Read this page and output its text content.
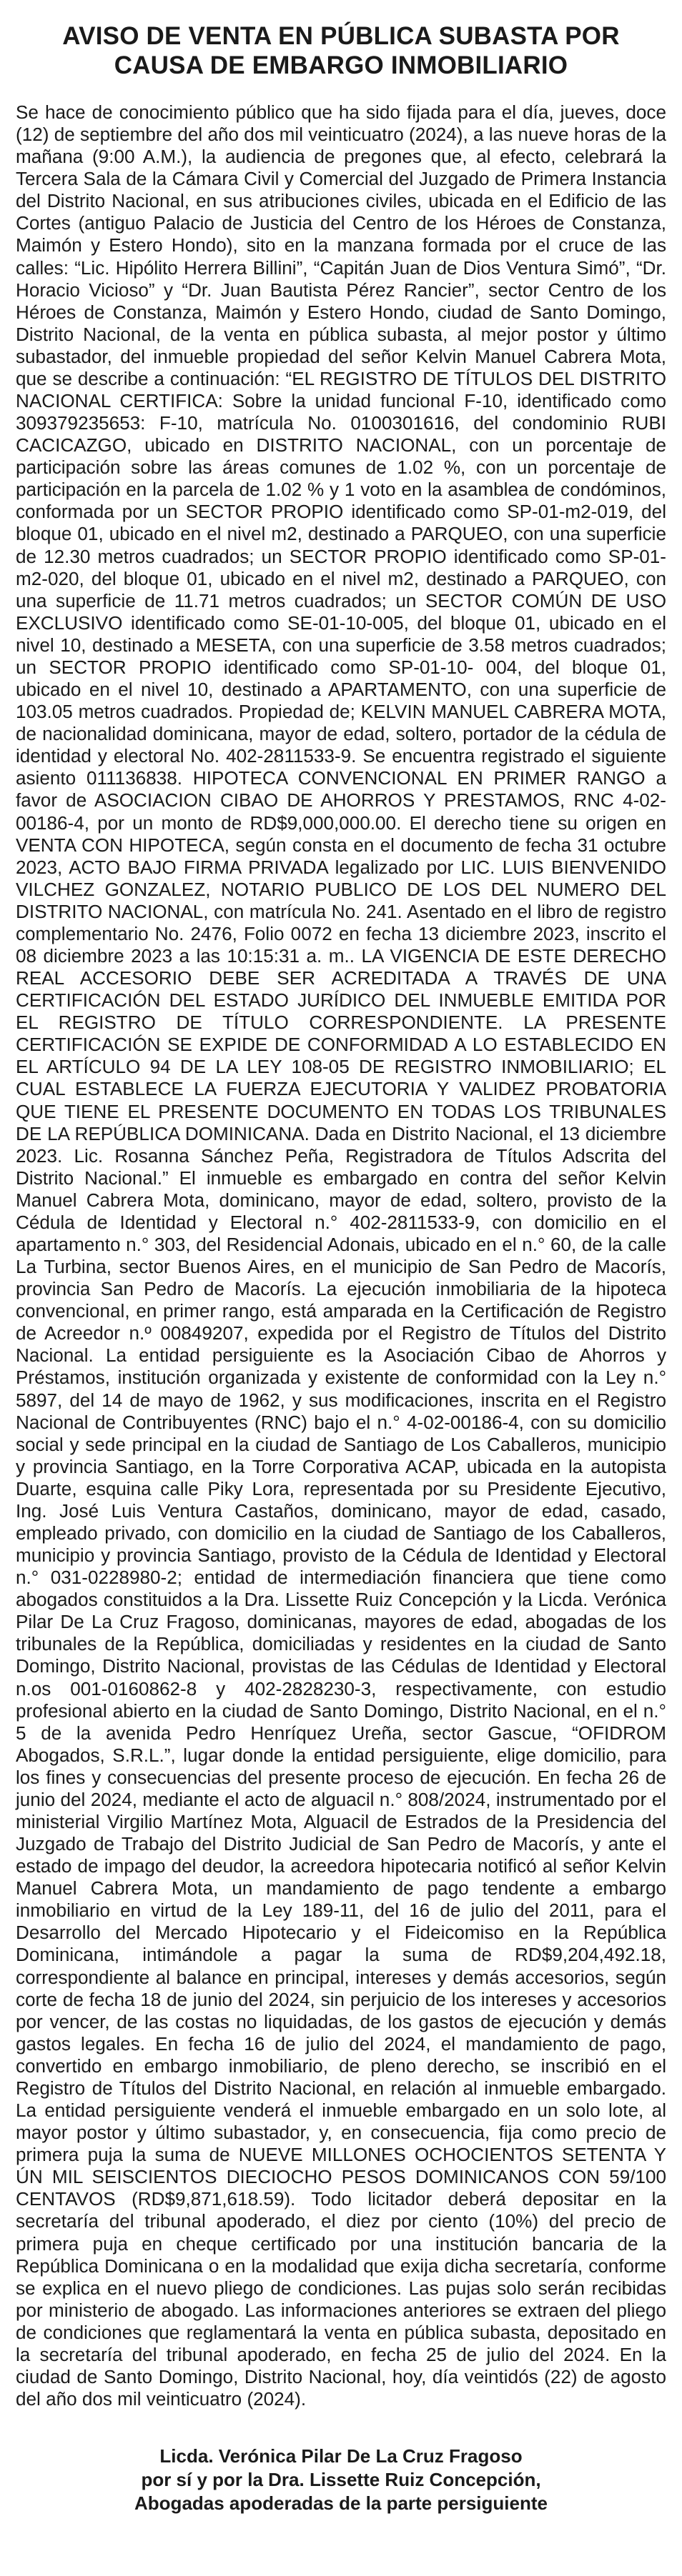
AVISO DE VENTA EN PÚBLICA SUBASTA POR
CAUSA DE EMBARGO INMOBILIARIO

Se hace de conocimiento público que ha sido fijada para el día, jueves, doce (12) de septiembre del año dos mil veinticuatro (2024), a las nueve horas de la mañana (9:00 A.M.), la audiencia de pregones que, al efecto, celebrará la Tercera Sala de la Cámara Civil y Comercial del Juzgado de Primera Instancia del Distrito Nacional, en sus atribuciones civiles, ubicada en el Edificio de las Cortes (antiguo Palacio de Justicia del Centro de los Héroes de Constanza, Maimón y Estero Hondo), sito en la manzana formada por el cruce de las calles: “Lic. Hipólito Herrera Billini”, “Capitán Juan de Dios Ventura Simó”, “Dr. Horacio Vicioso” y “Dr. Juan Bautista Pérez Rancier”, sector Centro de los Héroes de Constanza, Maimón y Estero Hondo, ciudad de Santo Domingo, Distrito Nacional, de la venta en pública subasta, al mejor postor y último subastador, del inmueble propiedad del señor Kelvin Manuel Cabrera Mota, que se describe a continuación: “EL REGISTRO DE TÍTULOS DEL DISTRITO NACIONAL CERTIFICA: Sobre la unidad funcional F-10, identificado como 309379235653: F-10, matrícula No. 0100301616, del condominio RUBI CACICAZGO, ubicado en DISTRITO NACIONAL, con un porcentaje de participación sobre las áreas comunes de 1.02 %, con un porcentaje de participación en la parcela de 1.02 % y 1 voto en la asamblea de condóminos, conformada por un SECTOR PROPIO identificado como SP-01-m2-019, del bloque 01, ubicado en el nivel m2, destinado a PARQUEO, con una superficie de 12.30 metros cuadrados; un SECTOR PROPIO identificado como SP-01- m2-020, del bloque 01, ubicado en el nivel m2, destinado a PARQUEO, con una superficie de 11.71 metros cuadrados; un SECTOR COMÚN DE USO EXCLUSIVO identificado como SE-01-10-005, del bloque 01, ubicado en el nivel 10, destinado a MESETA, con una superficie de 3.58 metros cuadrados; un SECTOR PROPIO identificado como SP-01-10- 004, del bloque 01, ubicado en el nivel 10, destinado a APARTAMENTO, con una superficie de 103.05 metros cuadrados. Propiedad de; KELVIN MANUEL CABRERA MOTA, de nacionalidad dominicana, mayor de edad, soltero, portador de la cédula de identidad y electoral No. 402-2811533-9. Se encuentra registrado el siguiente asiento 011136838. HIPOTECA CONVENCIONAL EN PRIMER RANGO a favor de ASOCIACION CIBAO DE AHORROS Y PRESTAMOS, RNC 4-02-00186-4, por un monto de RD$9,000,000.00. El derecho tiene su origen en VENTA CON HIPOTECA, según consta en el documento de fecha 31 octubre 2023, ACTO BAJO FIRMA PRIVADA legalizado por LIC. LUIS BIENVENIDO VILCHEZ GONZALEZ, NOTARIO PUBLICO DE LOS DEL NUMERO DEL DISTRITO NACIONAL, con matrícula No. 241. Asentado en el libro de registro complementario No. 2476, Folio 0072 en fecha 13 diciembre 2023, inscrito el 08 diciembre 2023 a las 10:15:31 a. m.. LA VIGENCIA DE ESTE DERECHO REAL ACCESORIO DEBE SER ACREDITADA A TRAVÉS DE UNA CERTIFICACIÓN DEL ESTADO JURÍDICO DEL INMUEBLE EMITIDA POR EL REGISTRO DE TÍTULO CORRESPONDIENTE. LA PRESENTE CERTIFICACIÓN SE EXPIDE DE CONFORMIDAD A LO ESTABLECIDO EN EL ARTÍCULO 94 DE LA LEY 108-05 DE REGISTRO INMOBILIARIO; EL CUAL ESTABLECE LA FUERZA EJECUTORIA Y VALIDEZ PROBATORIA QUE TIENE EL PRESENTE DOCUMENTO EN TODAS LOS TRIBUNALES DE LA REPÚBLICA DOMINICANA. Dada en Distrito Nacional, el 13 diciembre 2023. Lic. Rosanna Sánchez Peña, Registradora de Títulos Adscrita del Distrito Nacional.” El inmueble es embargado en contra del señor Kelvin Manuel Cabrera Mota, dominicano, mayor de edad, soltero, provisto de la Cédula de Identidad y Electoral n.° 402-2811533-9, con domicilio en el apartamento n.° 303, del Residencial Adonais, ubicado en el n.° 60, de la calle La Turbina, sector Buenos Aires, en el municipio de San Pedro de Macorís, provincia San Pedro de Macorís. La ejecución inmobiliaria de la hipoteca convencional, en primer rango, está amparada en la Certificación de Registro de Acreedor n.º 00849207, expedida por el Registro de Títulos del Distrito Nacional. La entidad persiguiente es la Asociación Cibao de Ahorros y Préstamos, institución organizada y existente de conformidad con la Ley n.° 5897, del 14 de mayo de 1962, y sus modificaciones, inscrita en el Registro Nacional de Contribuyentes (RNC) bajo el n.° 4-02-00186-4, con su domicilio social y sede principal en la ciudad de Santiago de Los Caballeros, municipio y provincia Santiago, en la Torre Corporativa ACAP, ubicada en la autopista Duarte, esquina calle Piky Lora, representada por su Presidente Ejecutivo, Ing. José Luis Ventura Castaños, dominicano, mayor de edad, casado, empleado privado, con domicilio en la ciudad de Santiago de los Caballeros, municipio y provincia Santiago, provisto de la Cédula de Identidad y Electoral n.° 031-0228980-2; entidad de intermediación financiera que tiene como abogados constituidos a la Dra. Lissette Ruiz Concepción y la Licda. Verónica Pilar De La Cruz Fragoso, dominicanas, mayores de edad, abogadas de los tribunales de la República, domiciliadas y residentes en la ciudad de Santo Domingo, Distrito Nacional, provistas de las Cédulas de Identidad y Electoral n.os 001-0160862-8 y 402-2828230-3, respectivamente, con estudio profesional abierto en la ciudad de Santo Domingo, Distrito Nacional, en el n.° 5 de la avenida Pedro Henríquez Ureña, sector Gascue, “OFIDROM Abogados, S.R.L.”, lugar donde la entidad persiguiente, elige domicilio, para los fines y consecuencias del presente proceso de ejecución. En fecha 26 de junio del 2024, mediante el acto de alguacil n.° 808/2024, instrumentado por el ministerial Virgilio Martínez Mota, Alguacil de Estrados de la Presidencia del Juzgado de Trabajo del Distrito Judicial de San Pedro de Macorís, y ante el estado de impago del deudor, la acreedora hipotecaria notificó al señor Kelvin Manuel Cabrera Mota, un mandamiento de pago tendente a embargo inmobiliario en virtud de la Ley 189-11, del 16 de julio del 2011, para el Desarrollo del Mercado Hipotecario y el Fideicomiso en la República Dominicana, intimándole a pagar la suma de RD$9,204,492.18, correspondiente al balance en principal, intereses y demás accesorios, según corte de fecha 18 de junio del 2024, sin perjuicio de los intereses y accesorios por vencer, de las costas no liquidadas, de los gastos de ejecución y demás gastos legales. En fecha 16 de julio del 2024, el mandamiento de pago, convertido en embargo inmobiliario, de pleno derecho, se inscribió en el Registro de Títulos del Distrito Nacional, en relación al inmueble embargado. La entidad persiguiente venderá el inmueble embargado en un solo lote, al mayor postor y último subastador, y, en consecuencia, fija como precio de primera puja la suma de NUEVE MILLONES OCHOCIENTOS SETENTA Y ÚN MIL SEISCIENTOS DIECIOCHO PESOS DOMINICANOS CON 59/100 CENTAVOS (RD$9,871,618.59). Todo licitador deberá depositar en la secretaría del tribunal apoderado, el diez por ciento (10%) del precio de primera puja en cheque certificado por una institución bancaria de la República Dominicana o en la modalidad que exija dicha secretaría, conforme se explica en el nuevo pliego de condiciones. Las pujas solo serán recibidas por ministerio de abogado. Las informaciones anteriores se extraen del pliego de condiciones que reglamentará la venta en pública subasta, depositado en la secretaría del tribunal apoderado, en fecha 25 de julio del 2024. En la ciudad de Santo Domingo, Distrito Nacional, hoy, día veintidós (22) de agosto del año dos mil veinticuatro (2024).

Licda. Verónica Pilar De La Cruz Fragoso
por sí y por la Dra. Lissette Ruiz Concepción,
Abogadas apoderadas de la parte persiguiente
